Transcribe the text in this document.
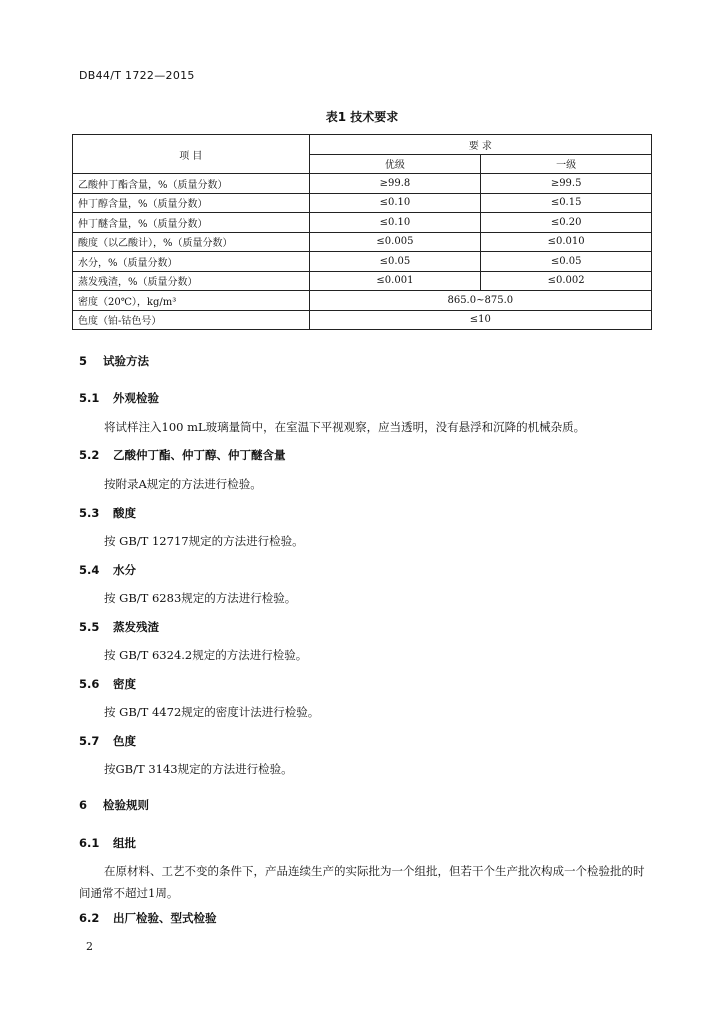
DB44/T 1722—2015
表1 技术要求
项 目	要 求	
	优级	一级
乙酸仲丁酯含量，%（质量分数）	≥99.8	≥99.5
仲丁醇含量，%（质量分数）	≤0.10	≤0.15
仲丁醚含量，%（质量分数）	≤0.10	≤0.20
酸度（以乙酸计），%（质量分数）	≤0.005	≤0.010
水分，%（质量分数）	≤0.05	≤0.05
蒸发残渣，%（质量分数）	≤0.001	≤0.002
密度（20℃），kg/m³	865.0~875.0	
色度（铂-钴色号）	≤10	
5 试验方法
5.1 外观检验
将试样注入100 mL玻璃量筒中，在室温下平视观察，应当透明，没有悬浮和沉降的机械杂质。
5.2 乙酸仲丁酯、仲丁醇、仲丁醚含量
按附录A规定的方法进行检验。
5.3 酸度
按 GB/T 12717规定的方法进行检验。
5.4 水分
按 GB/T 6283规定的方法进行检验。
5.5 蒸发残渣
按 GB/T 6324.2规定的方法进行检验。
5.6 密度
按 GB/T 4472规定的密度计法进行检验。
5.7 色度
按GB/T 3143规定的方法进行检验。
6 检验规则
6.1 组批
在原材料、工艺不变的条件下，产品连续生产的实际批为一个组批，但若干个生产批次构成一个检验批的时间通常不超过1周。
6.2 出厂检验、型式检验
2
